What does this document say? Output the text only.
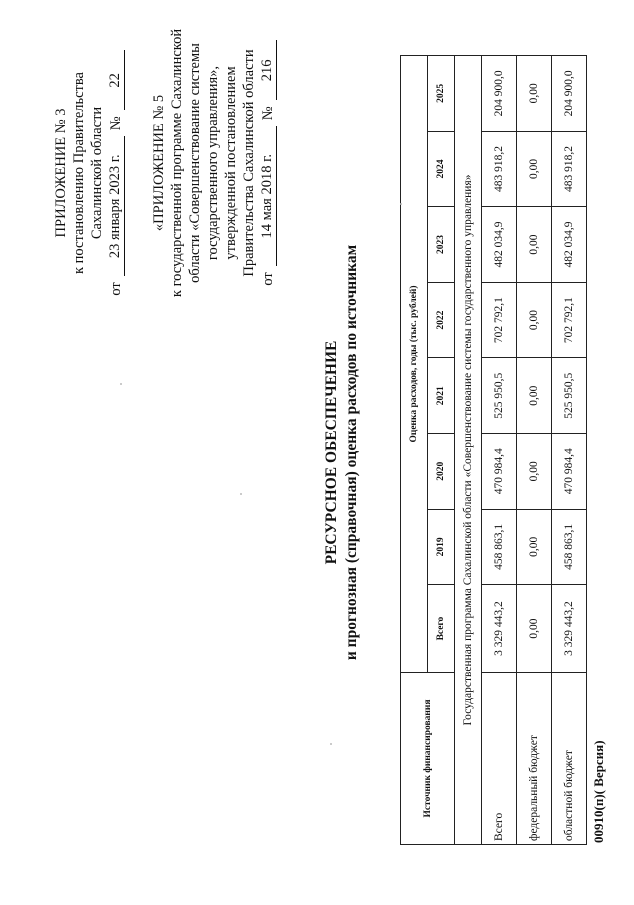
ПРИЛОЖЕНИЕ № 3 к постановлению Правительства Сахалинской области
от
23 января 2023 г.
№
22
«ПРИЛОЖЕНИЕ № 5 к государственной программе Сахалинской области «Совершенствование системы государственного управления», утвержденной постановлением Правительства Сахалинской области
от
14 мая 2018 г.
№
216
РЕСУРСНОЕ ОБЕСПЕЧЕНИЕ и прогнозная (справочная) оценка расходов по источникам
Источник финансирования	Оценка расходов, годы (тыс. рублей)							
	Всего	2019	2020	2021	2022	2023	2024	2025
Государственная программа Сахалинской области «Совершенствование системы государственного управления»								
Всего	3 329 443,2	458 863,1	470 984,4	525 950,5	702 792,1	482 034,9	483 918,2	204 900,0
федеральный бюджет	0,00	0,00	0,00	0,00	0,00	0,00	0,00	0,00
областной бюджет	3 329 443,2	458 863,1	470 984,4	525 950,5	702 792,1	482 034,9	483 918,2	204 900,0
00910(п)( Версия)
